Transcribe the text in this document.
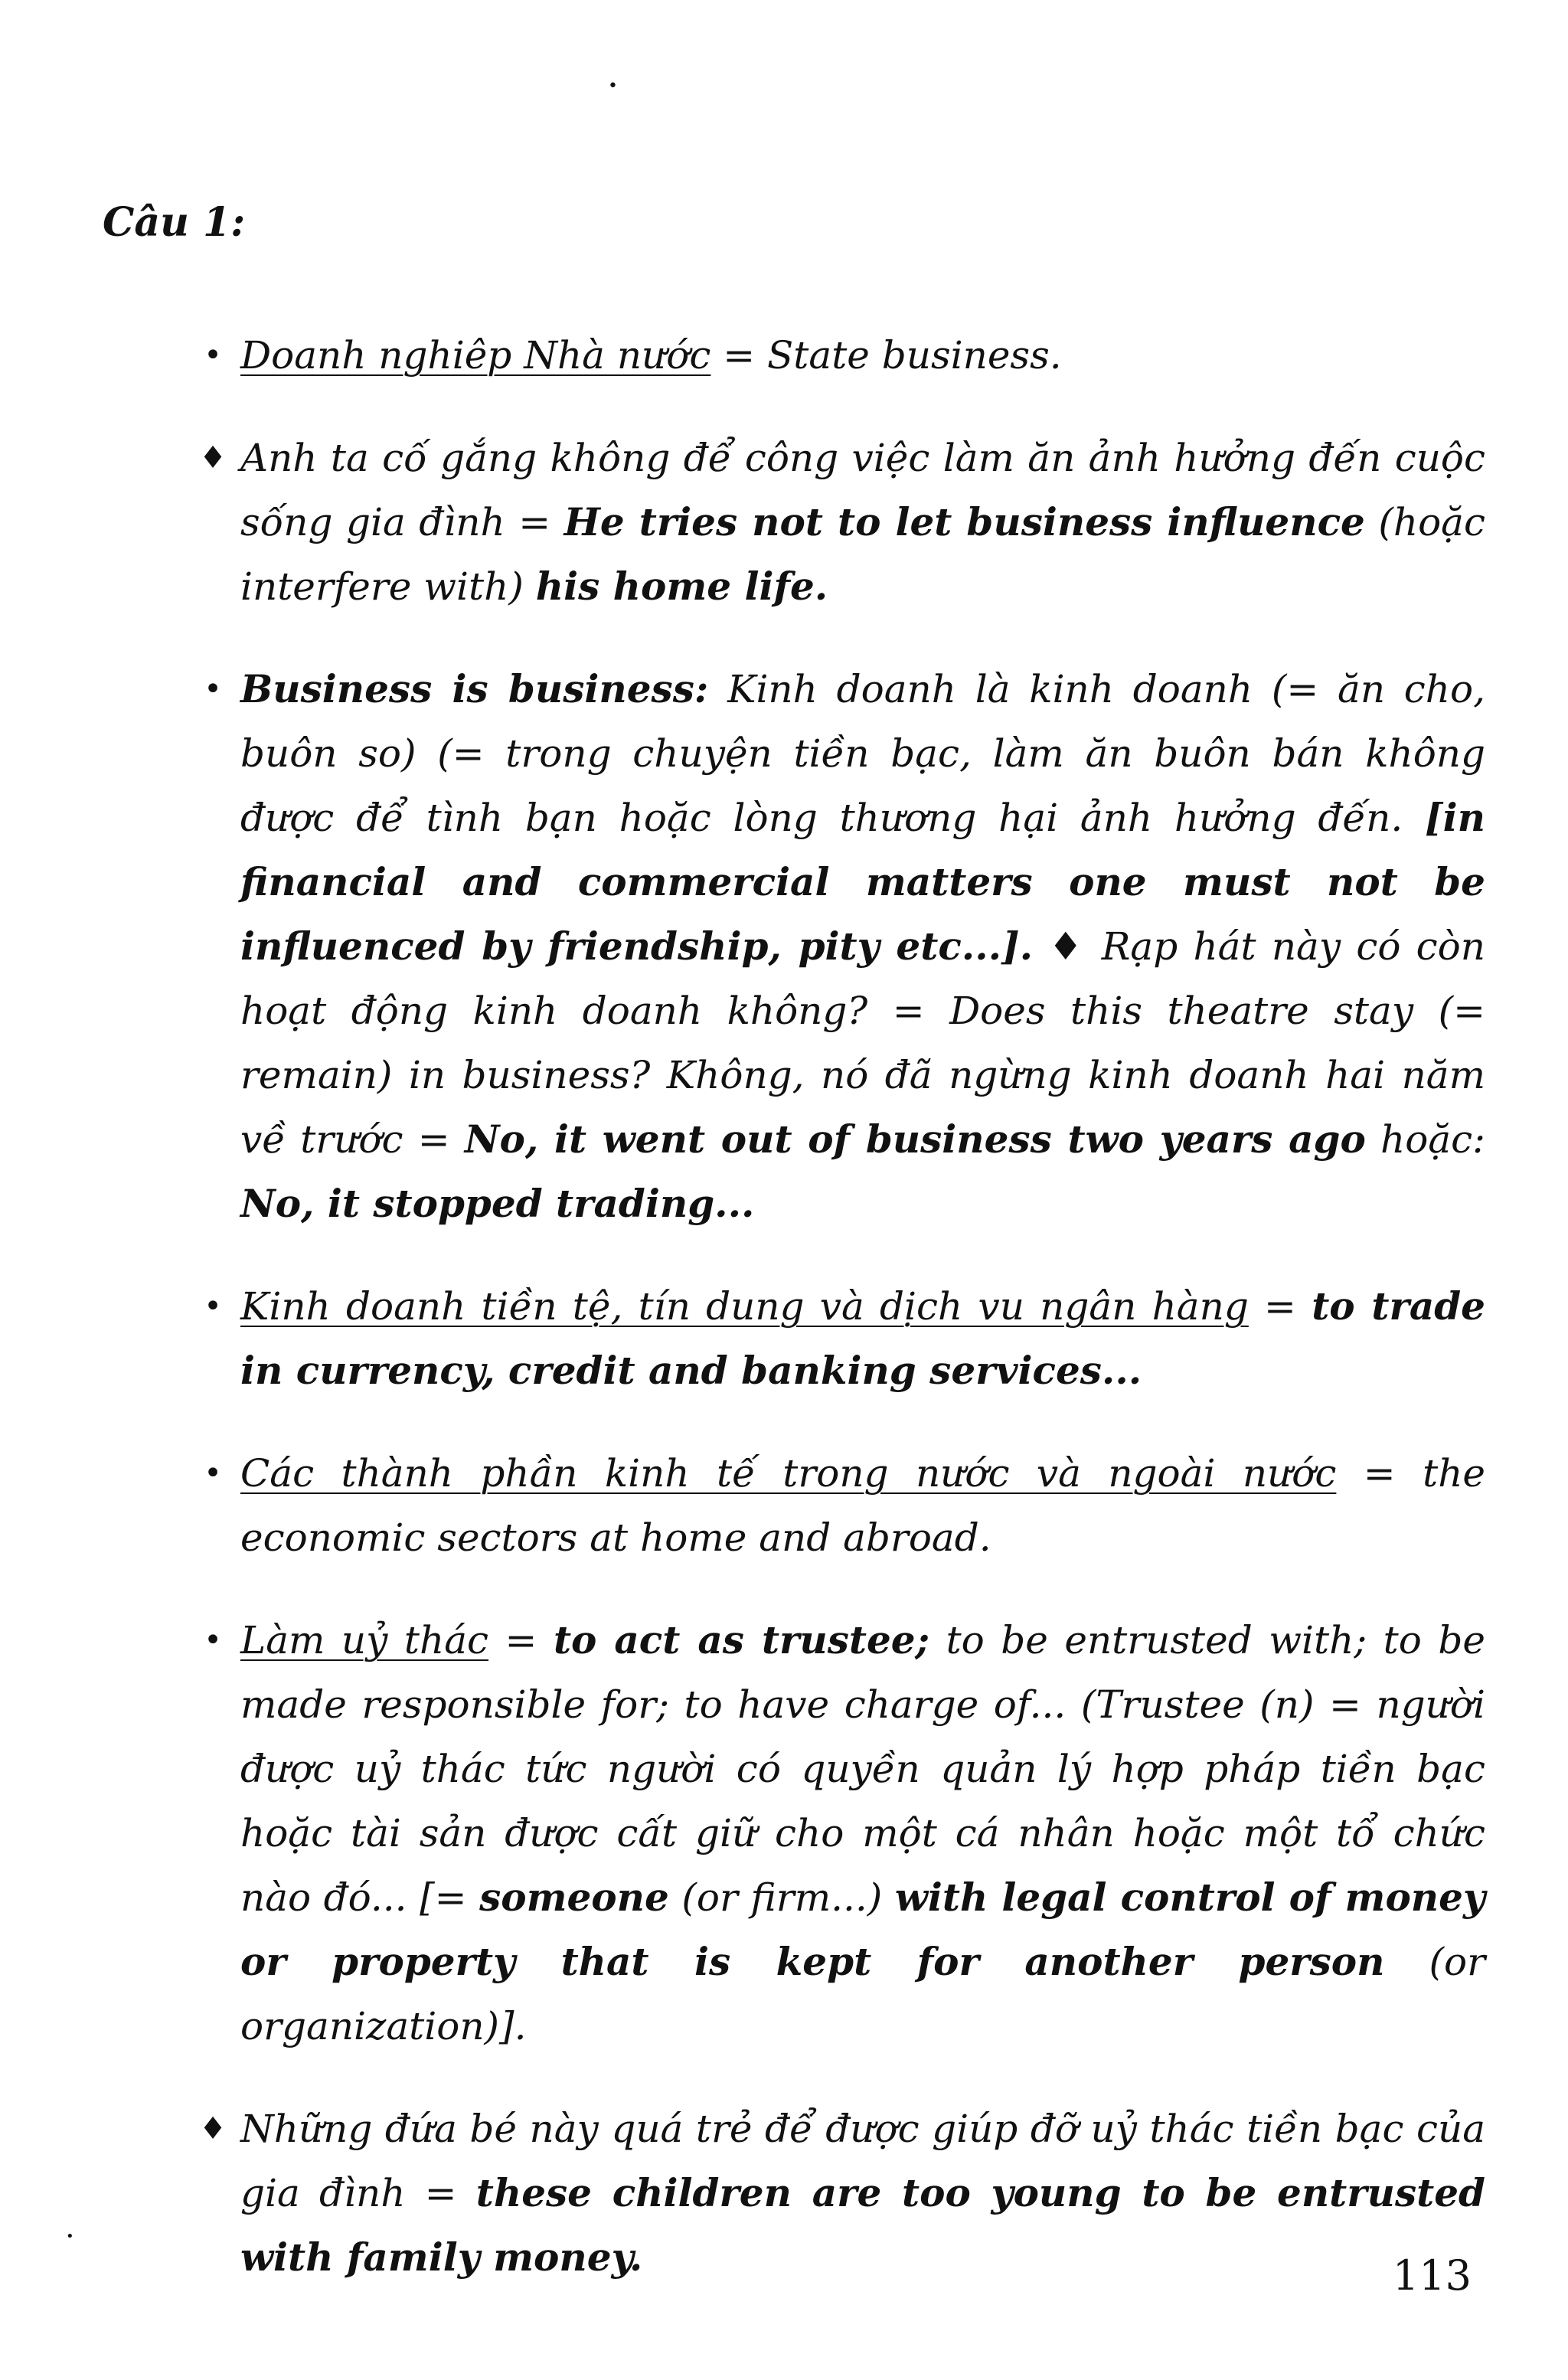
•
•
Câu 1:

• Doanh nghiêp Nhà nước = State business.

♦ Anh ta cố gắng không để công việc làm ăn ảnh hưởng đến cuộc sống gia đình = He tries not to let business influence (hoặc interfere with) his home life.

• Business is business: Kinh doanh là kinh doanh (= ăn cho, buôn so) (= trong chuyện tiền bạc, làm ăn buôn bán không được để tình bạn hoặc lòng thương hại ảnh hưởng đến. [in financial and commercial matters one must not be influenced by friendship, pity etc...]. ♦ Rạp hát này có còn hoạt động kinh doanh không? = Does this theatre stay (= remain) in business? Không, nó đã ngừng kinh doanh hai năm về trước = No, it went out of business two years ago hoặc: No, it stopped trading...

• Kinh doanh tiền tệ, tín dung và dịch vu ngân hàng = to trade in currency, credit and banking services...

• Các thành phần kinh tế trong nước và ngoài nước = the economic sectors at home and abroad.

• Làm uỷ thác = to act as trustee; to be entrusted with; to be made responsible for; to have charge of... (Trustee (n) = người được uỷ thác tức người có quyền quản lý hợp pháp tiền bạc hoặc tài sản được cất giữ cho một cá nhân hoặc một tổ chức nào đó... [= someone (or firm...) with legal control of money or property that is kept for another person (or organization)].

♦ Những đứa bé này quá trẻ để được giúp đỡ uỷ thác tiền bạc của gia đình = these children are too young to be entrusted with family money.	113
